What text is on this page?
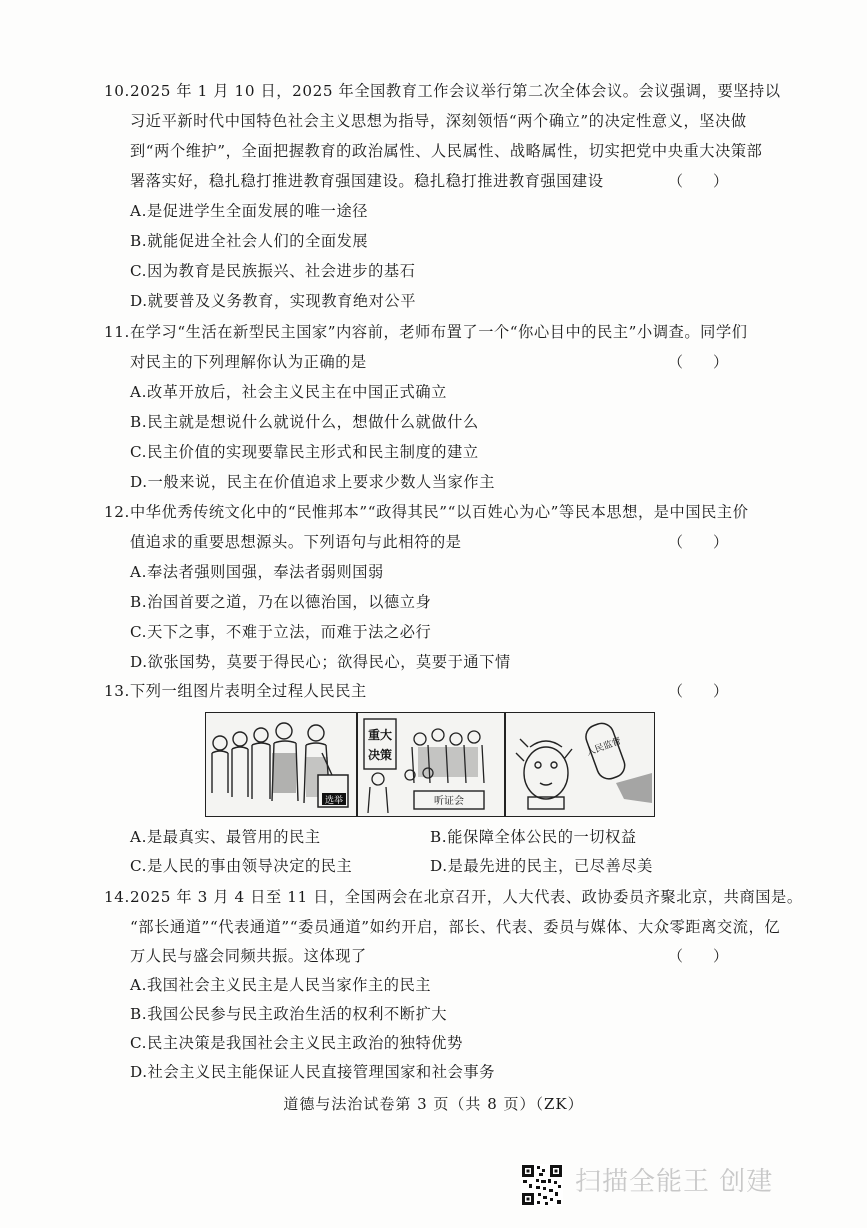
10.2025 年 1 月 10 日，2025 年全国教育工作会议举行第二次全体会议。会议强调，要坚持以
习近平新时代中国特色社会主义思想为指导，深刻领悟“两个确立”的决定性意义，坚决做
到“两个维护”，全面把握教育的政治属性、人民属性、战略属性，切实把党中央重大决策部
署落实好，稳扎稳打推进教育强国建设。稳扎稳打推进教育强国建设	（　　）
A.是促进学生全面发展的唯一途径
B.就能促进全社会人们的全面发展
C.因为教育是民族振兴、社会进步的基石
D.就要普及义务教育，实现教育绝对公平
11.在学习“生活在新型民主国家”内容前，老师布置了一个“你心目中的民主”小调查。同学们
对民主的下列理解你认为正确的是	（　　）
A.改革开放后，社会主义民主在中国正式确立
B.民主就是想说什么就说什么，想做什么就做什么
C.民主价值的实现要靠民主形式和民主制度的建立
D.一般来说，民主在价值追求上要求少数人当家作主
12.中华优秀传统文化中的“民惟邦本”“政得其民”“以百姓心为心”等民本思想，是中国民主价
值追求的重要思想源头。下列语句与此相符的是	（　　）
A.奉法者强则国强，奉法者弱则国弱
B.治国首要之道，乃在以德治国，以德立身
C.天下之事，不难于立法，而难于法之必行
D.欲张国势，莫要于得民心；欲得民心，莫要于通下情
13.下列一组图片表明全过程人民民主	（　　）
选举
重大
决策
听证会
人民监督
A.是最真实、最管用的民主	B.能保障全体公民的一切权益
C.是人民的事由领导决定的民主	D.是最先进的民主，已尽善尽美
14.2025 年 3 月 4 日至 11 日，全国两会在北京召开，人大代表、政协委员齐聚北京，共商国是。
“部长通道”“代表通道”“委员通道”如约开启，部长、代表、委员与媒体、大众零距离交流，亿
万人民与盛会同频共振。这体现了	（　　）
A.我国社会主义民主是人民当家作主的民主
B.我国公民参与民主政治生活的权利不断扩大
C.民主决策是我国社会主义民主政治的独特优势
D.社会主义民主能保证人民直接管理国家和社会事务
道德与法治试卷第 3 页（共 8 页）（ZK）
扫描全能王 创建
